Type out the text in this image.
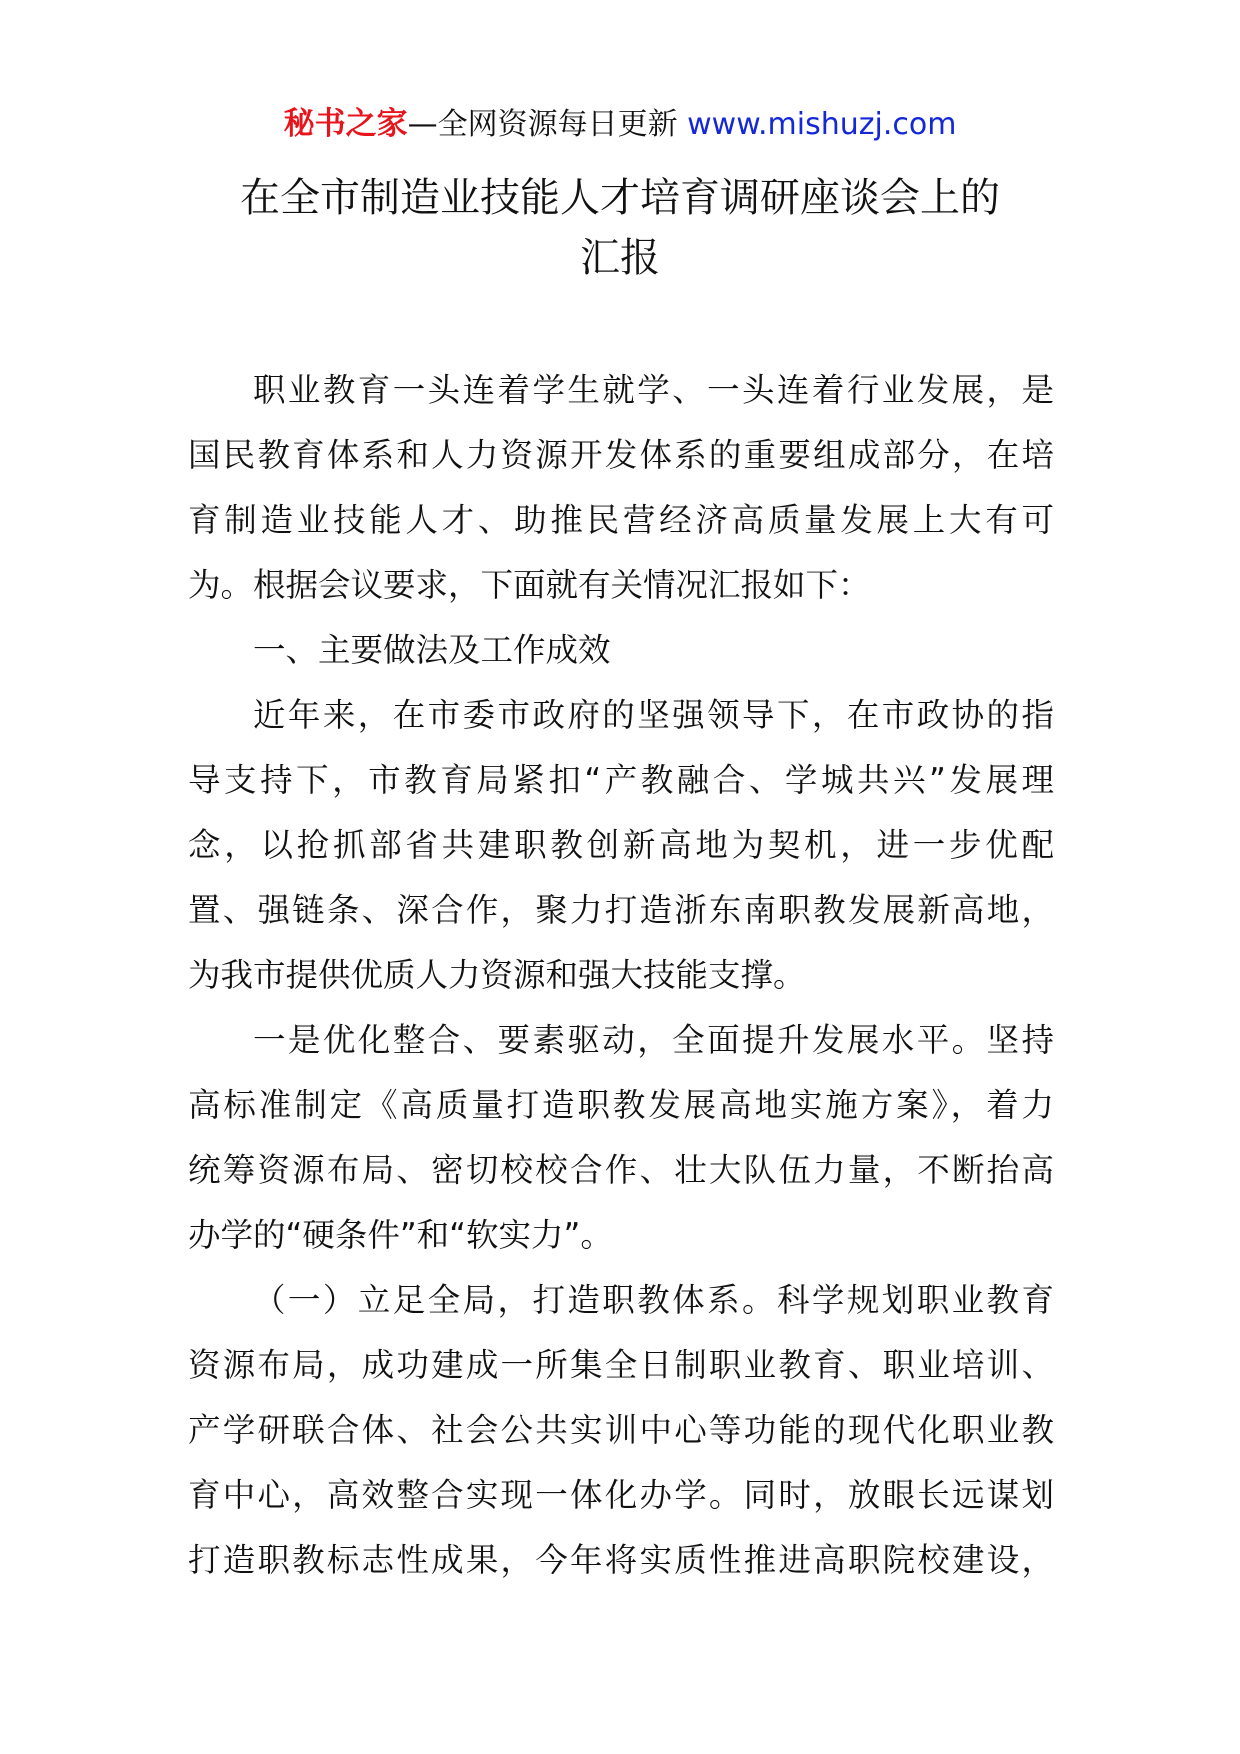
秘书之家—全网资源每日更新 www.mishuzj.com
在全市制造业技能人才培育调研座谈会上的
汇报
职业教育一头连着学生就学、一头连着行业发展，是
国民教育体系和人力资源开发体系的重要组成部分，在培
育制造业技能人才、助推民营经济高质量发展上大有可
为。根据会议要求，下面就有关情况汇报如下：
一、主要做法及工作成效
近年来，在市委市政府的坚强领导下，在市政协的指
导支持下，市教育局紧扣“产教融合、学城共兴”发展理
念，以抢抓部省共建职教创新高地为契机，进一步优配
置、强链条、深合作，聚力打造浙东南职教发展新高地，
为我市提供优质人力资源和强大技能支撑。
一是优化整合、要素驱动，全面提升发展水平。坚持
高标准制定《高质量打造职教发展高地实施方案》，着力
统筹资源布局、密切校校合作、壮大队伍力量，不断抬高
办学的“硬条件”和“软实力”。
（一）立足全局，打造职教体系。科学规划职业教育
资源布局，成功建成一所集全日制职业教育、职业培训、
产学研联合体、社会公共实训中心等功能的现代化职业教
育中心，高效整合实现一体化办学。同时，放眼长远谋划
打造职教标志性成果，今年将实质性推进高职院校建设，
